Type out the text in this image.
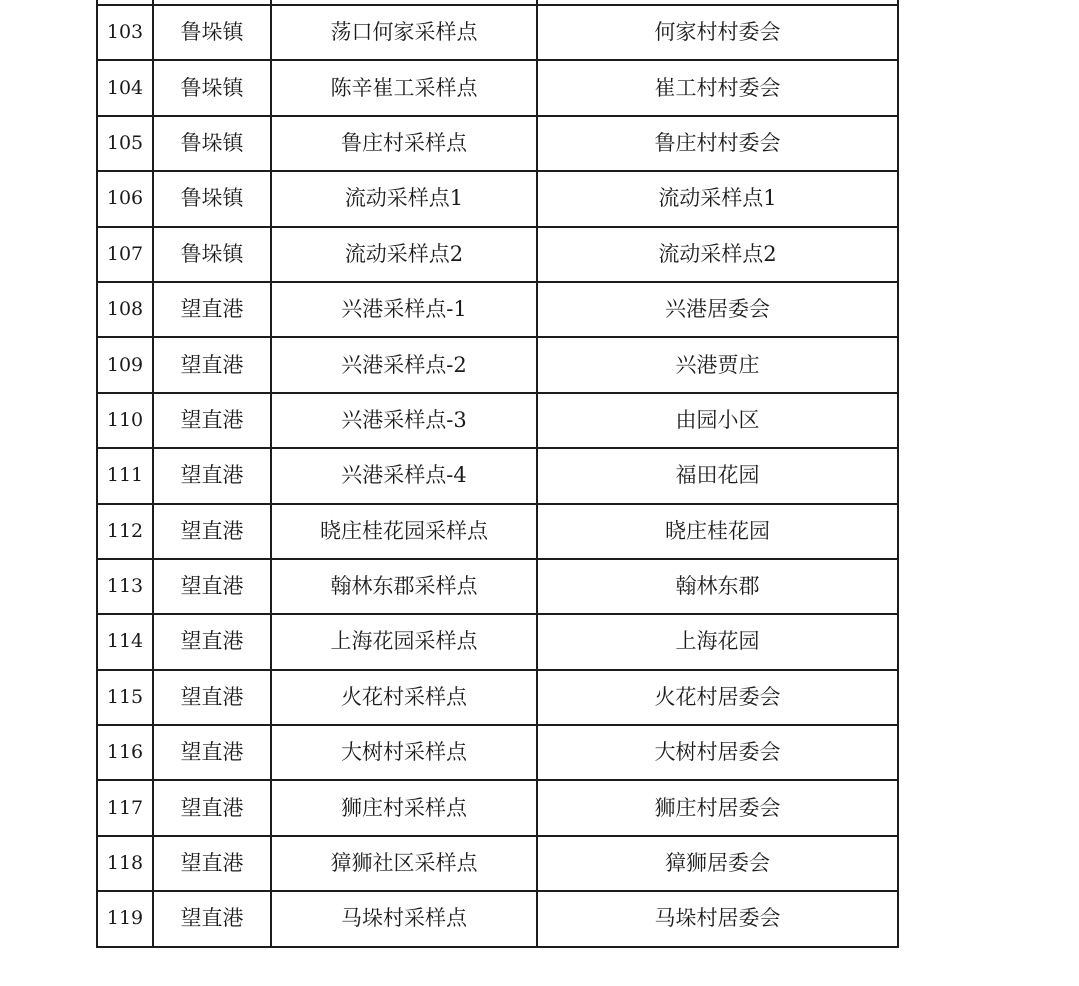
103	鲁垛镇	荡口何家采样点	何家村村委会
104	鲁垛镇	陈辛崔工采样点	崔工村村委会
105	鲁垛镇	鲁庄村采样点	鲁庄村村委会
106	鲁垛镇	流动采样点1	流动采样点1
107	鲁垛镇	流动采样点2	流动采样点2
108	望直港	兴港采样点-1	兴港居委会
109	望直港	兴港采样点-2	兴港贾庄
110	望直港	兴港采样点-3	由园小区
111	望直港	兴港采样点-4	福田花园
112	望直港	晓庄桂花园采样点	晓庄桂花园
113	望直港	翰林东郡采样点	翰林东郡
114	望直港	上海花园采样点	上海花园
115	望直港	火花村采样点	火花村居委会
116	望直港	大树村采样点	大树村居委会
117	望直港	狮庄村采样点	狮庄村居委会
118	望直港	獐狮社区采样点	獐狮居委会
119	望直港	马垛村采样点	马垛村居委会
